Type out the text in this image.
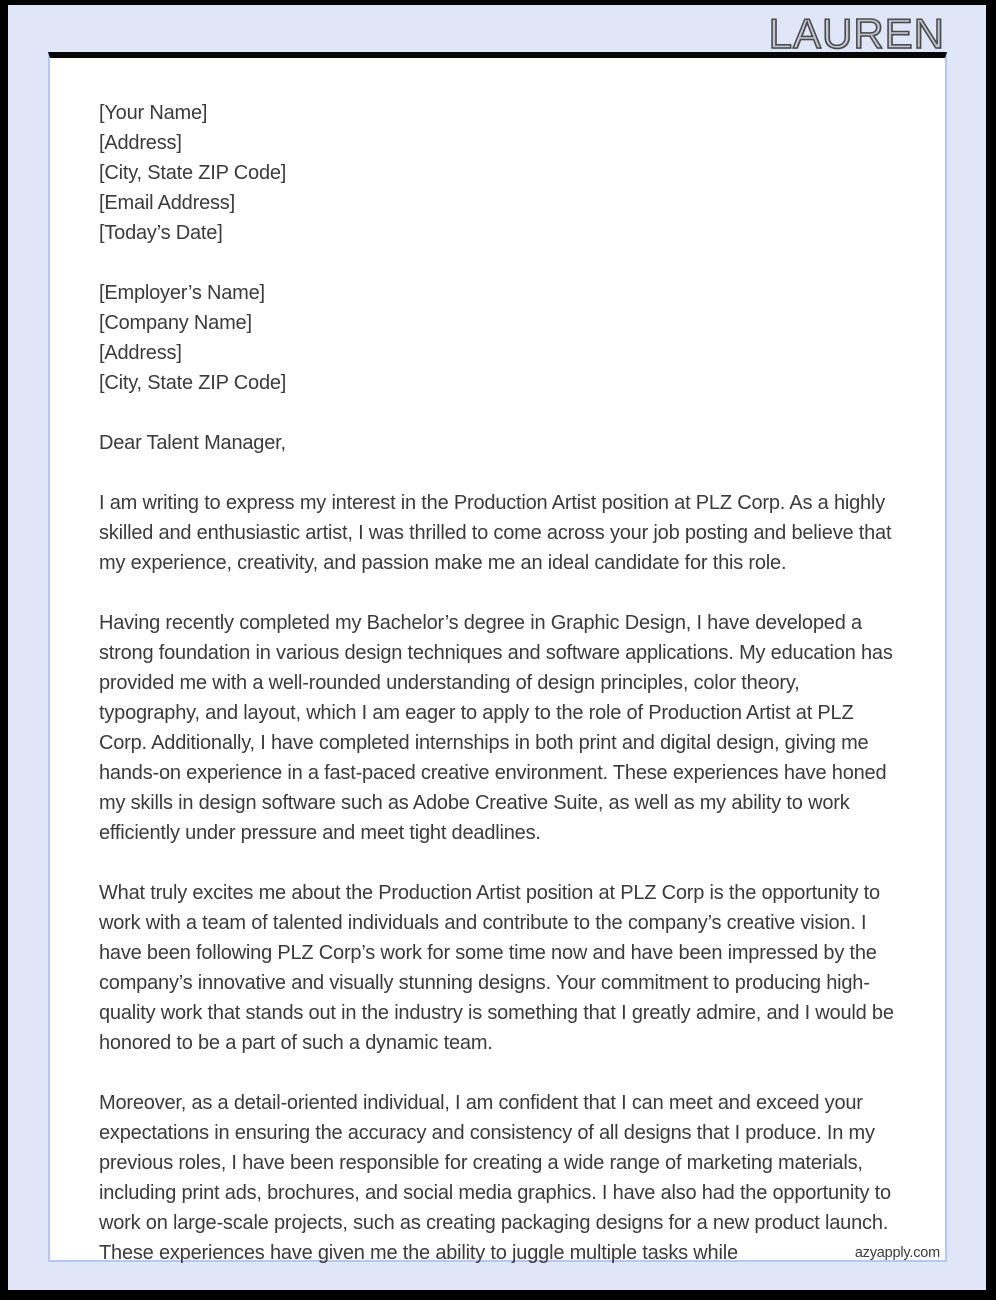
LAUREN
[Your Name]
[Address]
[City, State ZIP Code]
[Email Address]
[Today’s Date]
[Employer’s Name]
[Company Name]
[Address]
[City, State ZIP Code]
Dear Talent Manager,

I am writing to express my interest in the Production Artist position at PLZ Corp. As a highly skilled and enthusiastic artist, I was thrilled to come across your job posting and believe that my experience, creativity, and passion make me an ideal candidate for this role.

Having recently completed my Bachelor’s degree in Graphic Design, I have developed a strong foundation in various design techniques and software applications. My education has provided me with a well-rounded understanding of design principles, color theory, typography, and layout, which I am eager to apply to the role of Production Artist at PLZ Corp. Additionally, I have completed internships in both print and digital design, giving me hands-on experience in a fast-paced creative environment. These experiences have honed my skills in design software such as Adobe Creative Suite, as well as my ability to work efficiently under pressure and meet tight deadlines.

What truly excites me about the Production Artist position at PLZ Corp is the opportunity to work with a team of talented individuals and contribute to the company’s creative vision. I have been following PLZ Corp’s work for some time now and have been impressed by the company’s innovative and visually stunning designs. Your commitment to producing high-quality work that stands out in the industry is something that I greatly admire, and I would be honored to be a part of such a dynamic team.

Moreover, as a detail-oriented individual, I am confident that I can meet and exceed your expectations in ensuring the accuracy and consistency of all designs that I produce. In my previous roles, I have been responsible for creating a wide range of marketing materials, including print ads, brochures, and social media graphics. I have also had the opportunity to work on large-scale projects, such as creating packaging designs for a new product launch. These experiences have given me the ability to juggle multiple tasks while	azyapply.com
